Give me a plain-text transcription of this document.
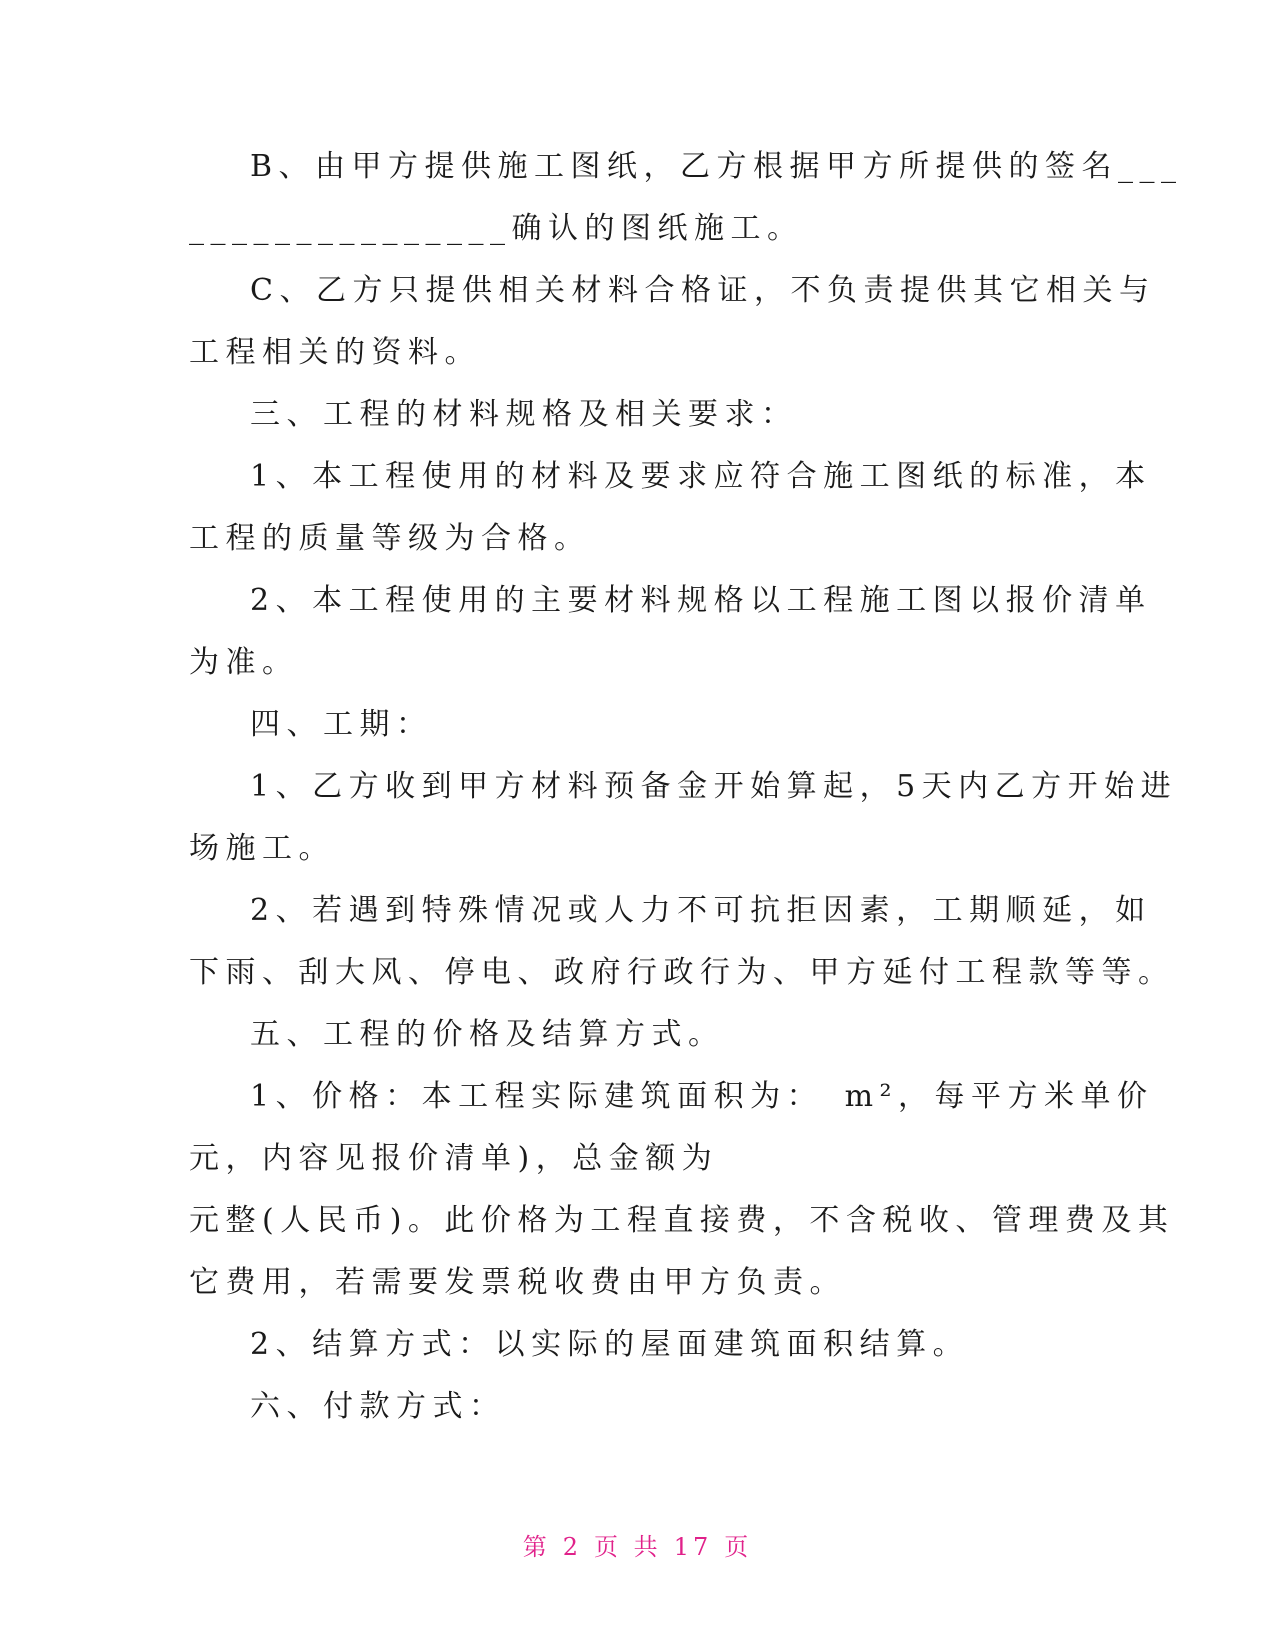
B、由甲方提供施工图纸，乙方根据甲方所提供的签名___
_______________确认的图纸施工。
C、乙方只提供相关材料合格证，不负责提供其它相关与
工程相关的资料。
三、工程的材料规格及相关要求：
1、本工程使用的材料及要求应符合施工图纸的标准，本
工程的质量等级为合格。
2、本工程使用的主要材料规格以工程施工图以报价清单
为准。
四、工期：
1、乙方收到甲方材料预备金开始算起，5天内乙方开始进
场施工。
2、若遇到特殊情况或人力不可抗拒因素，工期顺延，如
下雨、刮大风、停电、政府行政行为、甲方延付工程款等等。
五、工程的价格及结算方式。
1、价格：本工程实际建筑面积为：　m²，每平方米单价
元，内容见报价清单)，总金额为
元整(人民币)。此价格为工程直接费，不含税收、管理费及其
它费用，若需要发票税收费由甲方负责。
2、结算方式：以实际的屋面建筑面积结算。
六、付款方式：
第 2 页 共 17 页
